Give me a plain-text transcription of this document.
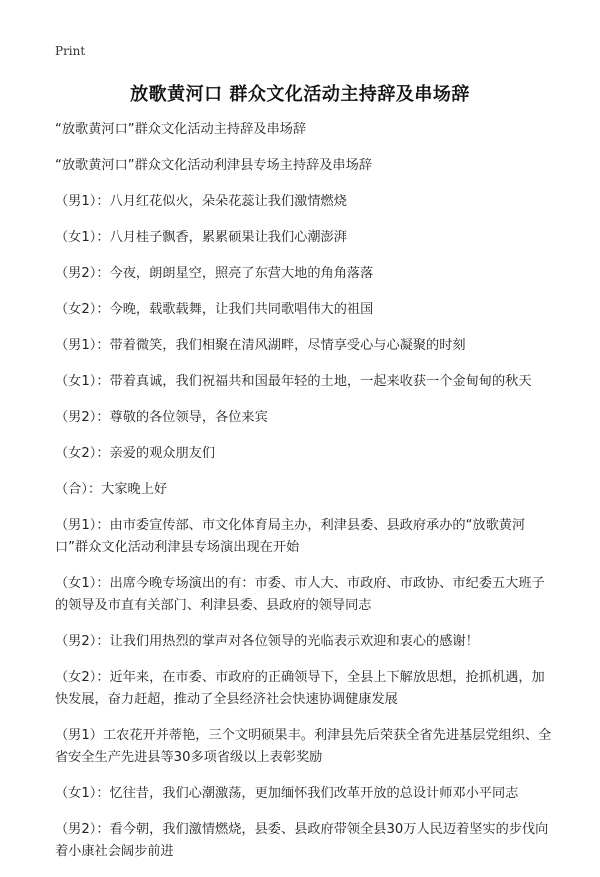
Print
放歌黄河口 群众文化活动主持辞及串场辞

“放歌黄河口”群众文化活动主持辞及串场辞

“放歌黄河口”群众文化活动利津县专场主持辞及串场辞

（男1）：八月红花似火，朵朵花蕊让我们激情燃烧

（女1）：八月桂子飘香，累累硕果让我们心潮澎湃

（男2）：今夜，朗朗星空，照亮了东营大地的角角落落

（女2）：今晚，载歌载舞，让我们共同歌唱伟大的祖国

（男1）：带着微笑，我们相聚在清风湖畔，尽情享受心与心凝聚的时刻

（女1）：带着真诚，我们祝福共和国最年轻的土地，一起来收获一个金甸甸的秋天

（男2）：尊敬的各位领导，各位来宾

（女2）：亲爱的观众朋友们

（合）：大家晚上好

（男1）：由市委宣传部、市文化体育局主办，利津县委、县政府承办的“放歌黄河口”群众文化活动利津县专场演出现在开始

（女1）：出席今晚专场演出的有：市委、市人大、市政府、市政协、市纪委五大班子的领导及市直有关部门、利津县委、县政府的领导同志

（男2）：让我们用热烈的掌声对各位领导的光临表示欢迎和衷心的感谢！

（女2）：近年来，在市委、市政府的正确领导下，全县上下解放思想，抢抓机遇，加快发展，奋力赶超，推动了全县经济社会快速协调健康发展

（男1）工农花开并蒂艳，三个文明硕果丰。利津县先后荣获全省先进基层党组织、全省安全生产先进县等30多项省级以上表彰奖励

（女1）：忆往昔，我们心潮激荡，更加缅怀我们改革开放的总设计师邓小平同志

（男2）：看今朝，我们激情燃烧，县委、县政府带领全县30万人民迈着坚实的步伐向着小康社会阔步前进
